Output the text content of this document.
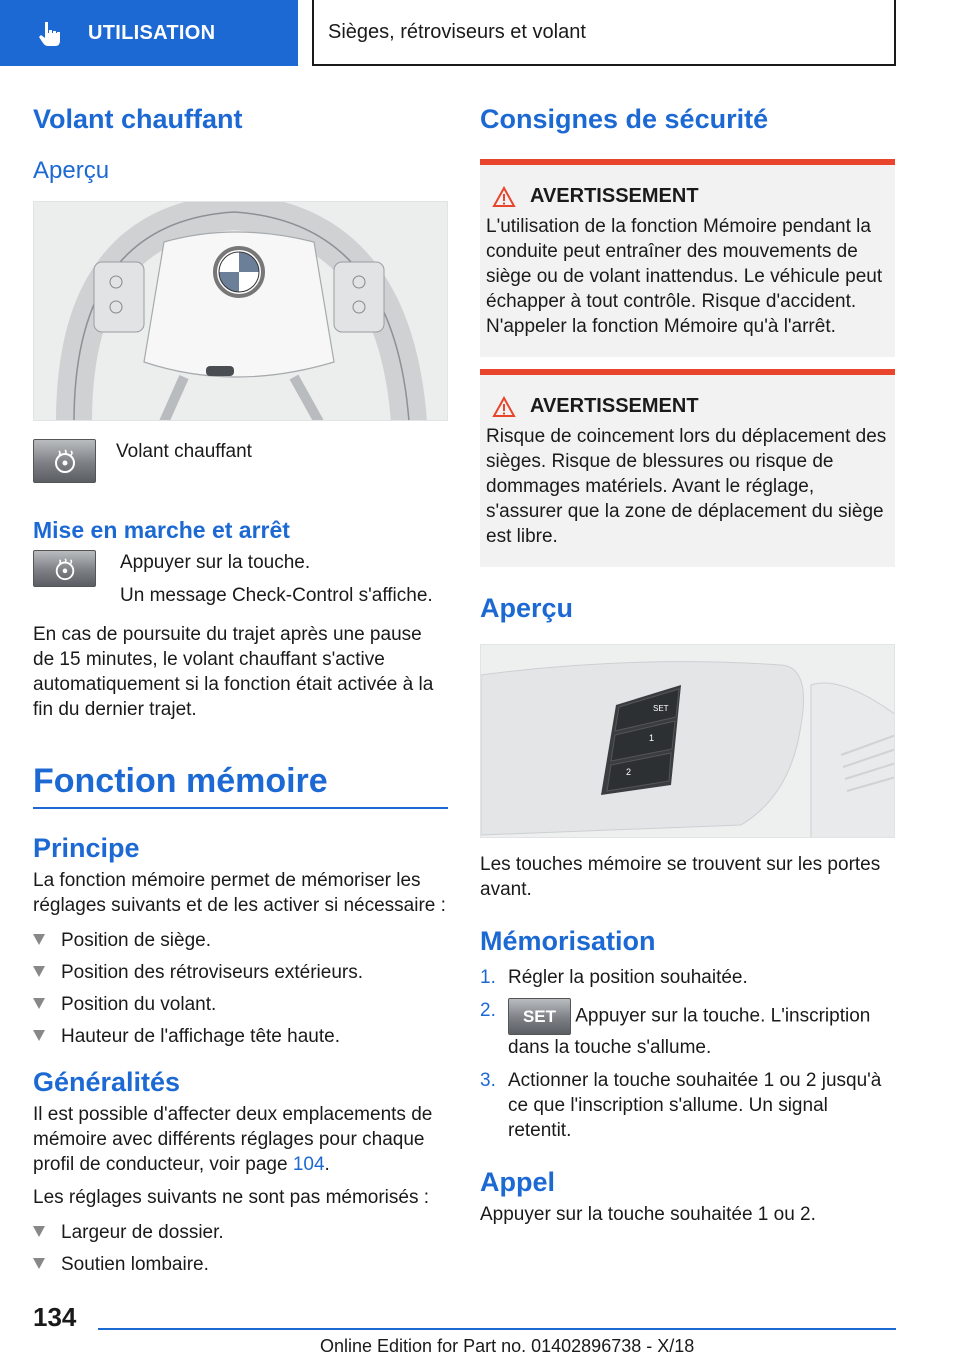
UTILISATION	Sièges, rétroviseurs et volant
Volant chauffant
Aperçu
Volant chauffant
Mise en marche et arrêt
Appuyer sur la touche.
Un message Check-Control s'affiche.
En cas de poursuite du trajet après une pause de 15 minutes, le volant chauffant s'active automatiquement si la fonction était activée à la fin du dernier trajet.
Fonction mémoire
Principe
La fonction mémoire permet de mémoriser les réglages suivants et de les activer si nécessaire :
Position de siège.
Position des rétroviseurs extérieurs.
Position du volant.
Hauteur de l'affichage tête haute.
Généralités
Il est possible d'affecter deux emplacements de mémoire avec différents réglages pour chaque profil de conducteur, voir page 104.
Les réglages suivants ne sont pas mémorisés :
Largeur de dossier.
Soutien lombaire.
Consignes de sécurité
AVERTISSEMENT
L'utilisation de la fonction Mémoire pendant la conduite peut entraîner des mouvements de siège ou de volant inattendus. Le véhicule peut échapper à tout contrôle. Risque d'accident. N'appeler la fonction Mémoire qu'à l'arrêt.
AVERTISSEMENT
Risque de coincement lors du déplacement des sièges. Risque de blessures ou risque de dommages matériels. Avant le réglage, s'assurer que la zone de déplacement du siège est libre.
Aperçu
SET
1
2
Les touches mémoire se trouvent sur les portes avant.
Mémorisation
1. Régler la position souhaitée.
2. SET Appuyer sur la touche. L'inscription dans la touche s'allume.
3. Actionner la touche souhaitée 1 ou 2 jusqu'à ce que l'inscription s'allume. Un signal retentit.
Appel
Appuyer sur la touche souhaitée 1 ou 2.
134
Online Edition for Part no. 01402896738 - X/18
